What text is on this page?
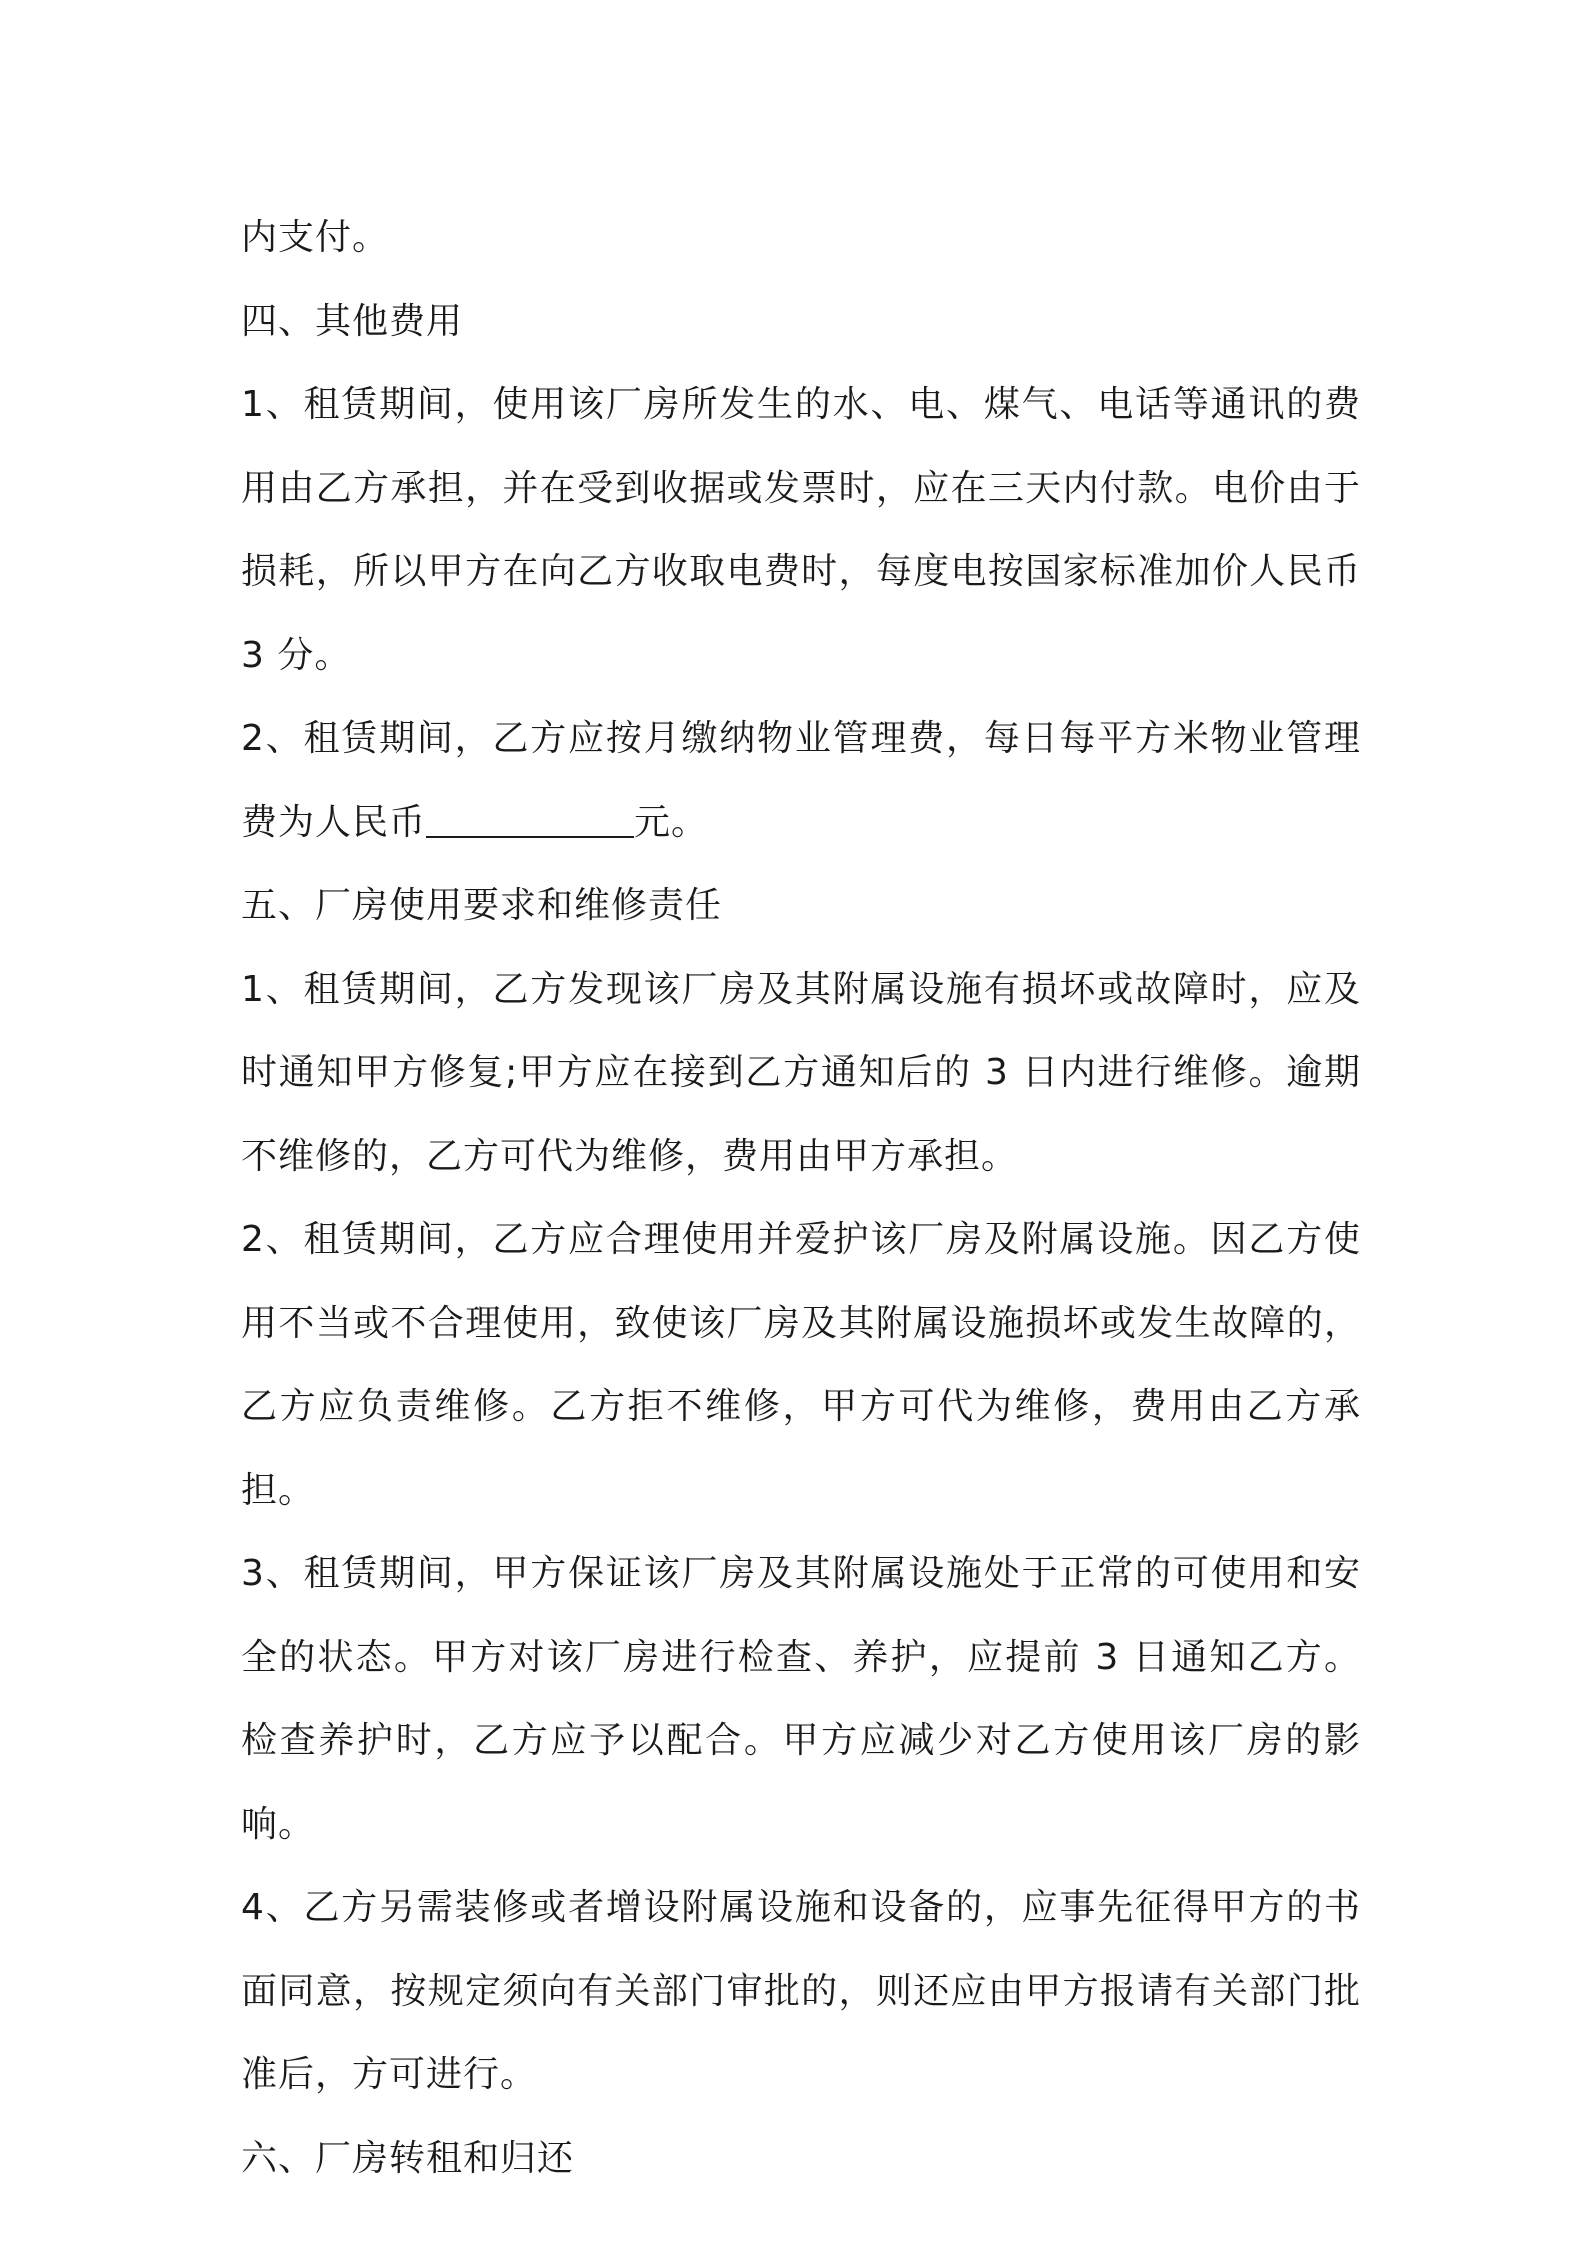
内支付。

四、其他费用

1、租赁期间，使用该厂房所发生的水、电、煤气、电话等通讯的费用由乙方承担，并在受到收据或发票时，应在三天内付款。电价由于损耗，所以甲方在向乙方收取电费时，每度电按国家标准加价人民币 3 分。

2、租赁期间，乙方应按月缴纳物业管理费，每日每平方米物业管理费为人民币	元。

五、厂房使用要求和维修责任

1、租赁期间，乙方发现该厂房及其附属设施有损坏或故障时，应及时通知甲方修复;甲方应在接到乙方通知后的 3 日内进行维修。逾期不维修的，乙方可代为维修，费用由甲方承担。

2、租赁期间，乙方应合理使用并爱护该厂房及附属设施。因乙方使用不当或不合理使用，致使该厂房及其附属设施损坏或发生故障的，乙方应负责维修。乙方拒不维修，甲方可代为维修，费用由乙方承担。

3、租赁期间，甲方保证该厂房及其附属设施处于正常的可使用和安全的状态。甲方对该厂房进行检查、养护，应提前 3 日通知乙方。检查养护时，乙方应予以配合。甲方应减少对乙方使用该厂房的影响。

4、乙方另需装修或者增设附属设施和设备的，应事先征得甲方的书面同意，按规定须向有关部门审批的，则还应由甲方报请有关部门批准后，方可进行。

六、厂房转租和归还
